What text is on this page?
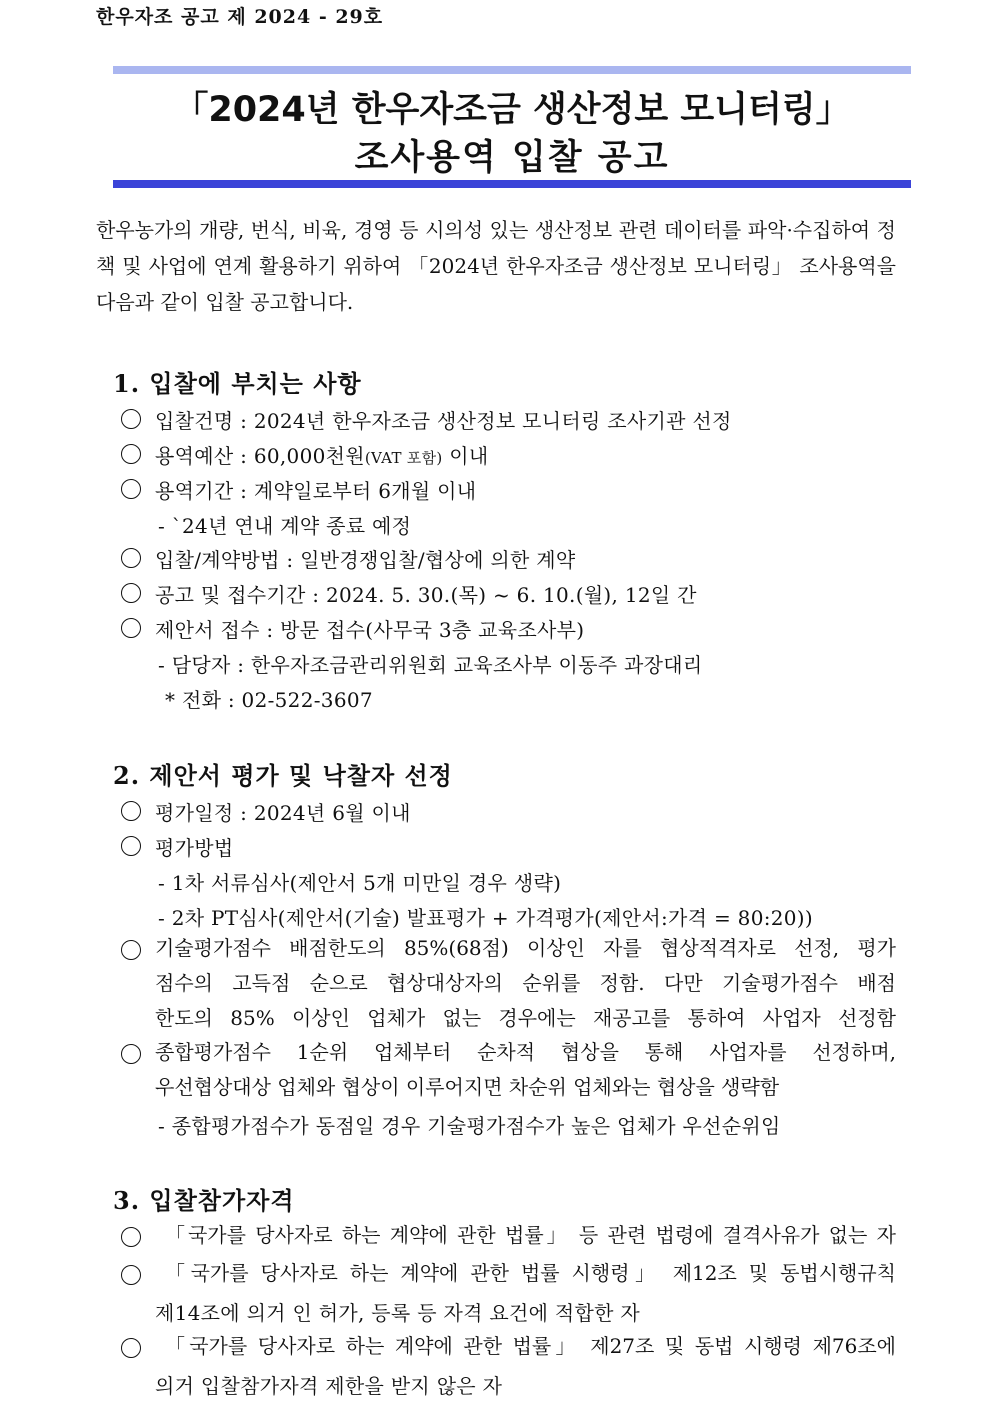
한우자조 공고 제 2024 - 29호
「2024년 한우자조금 생산정보 모니터링」
조사용역 입찰 공고
한우농가의 개량, 번식, 비육, 경영 등 시의성 있는 생산정보 관련 데이터를 파악·수집하여 정책 및 사업에 연계 활용하기 위하여 「2024년 한우자조금 생산정보 모니터링」 조사용역을 다음과 같이 입찰 공고합니다.
1. 입찰에 부치는 사항
입찰건명 : 2024년 한우자조금 생산정보 모니터링 조사기관 선정
용역예산 : 60,000천원(VAT 포함) 이내
용역기간 : 계약일로부터 6개월 이내
- `24년 연내 계약 종료 예정
입찰/계약방법 : 일반경쟁입찰/협상에 의한 계약
공고 및 접수기간 : 2024. 5. 30.(목) ~ 6. 10.(월), 12일 간
제안서 접수 : 방문 접수(사무국 3층 교육조사부)
- 담당자 : 한우자조금관리위원회 교육조사부 이동주 과장대리
* 전화 : 02-522-3607
2. 제안서 평가 및 낙찰자 선정
평가일정 : 2024년 6월 이내
평가방법
- 1차 서류심사(제안서 5개 미만일 경우 생략)
- 2차 PT심사(제안서(기술) 발표평가 + 가격평가(제안서:가격 = 80:20))
기술평가점수 배점한도의 85%(68점) 이상인 자를 협상적격자로 선정, 평가
점수의 고득점 순으로 협상대상자의 순위를 정함. 다만 기술평가점수 배점
한도의 85% 이상인 업체가 없는 경우에는 재공고를 통하여 사업자 선정함
종합평가점수 1순위 업체부터 순차적 협상을 통해 사업자를 선정하며,
우선협상대상 업체와 협상이 이루어지면 차순위 업체와는 협상을 생략함
- 종합평가점수가 동점일 경우 기술평가점수가 높은 업체가 우선순위임
3. 입찰참가자격
「국가를 당사자로 하는 계약에 관한 법률」 등 관련 법령에 결격사유가 없는 자
「국가를 당사자로 하는 계약에 관한 법률 시행령」 제12조 및 동법시행규칙
제14조에 의거 인 허가, 등록 등 자격 요건에 적합한 자
「국가를 당사자로 하는 계약에 관한 법률」 제27조 및 동법 시행령 제76조에
의거 입찰참가자격 제한을 받지 않은 자
